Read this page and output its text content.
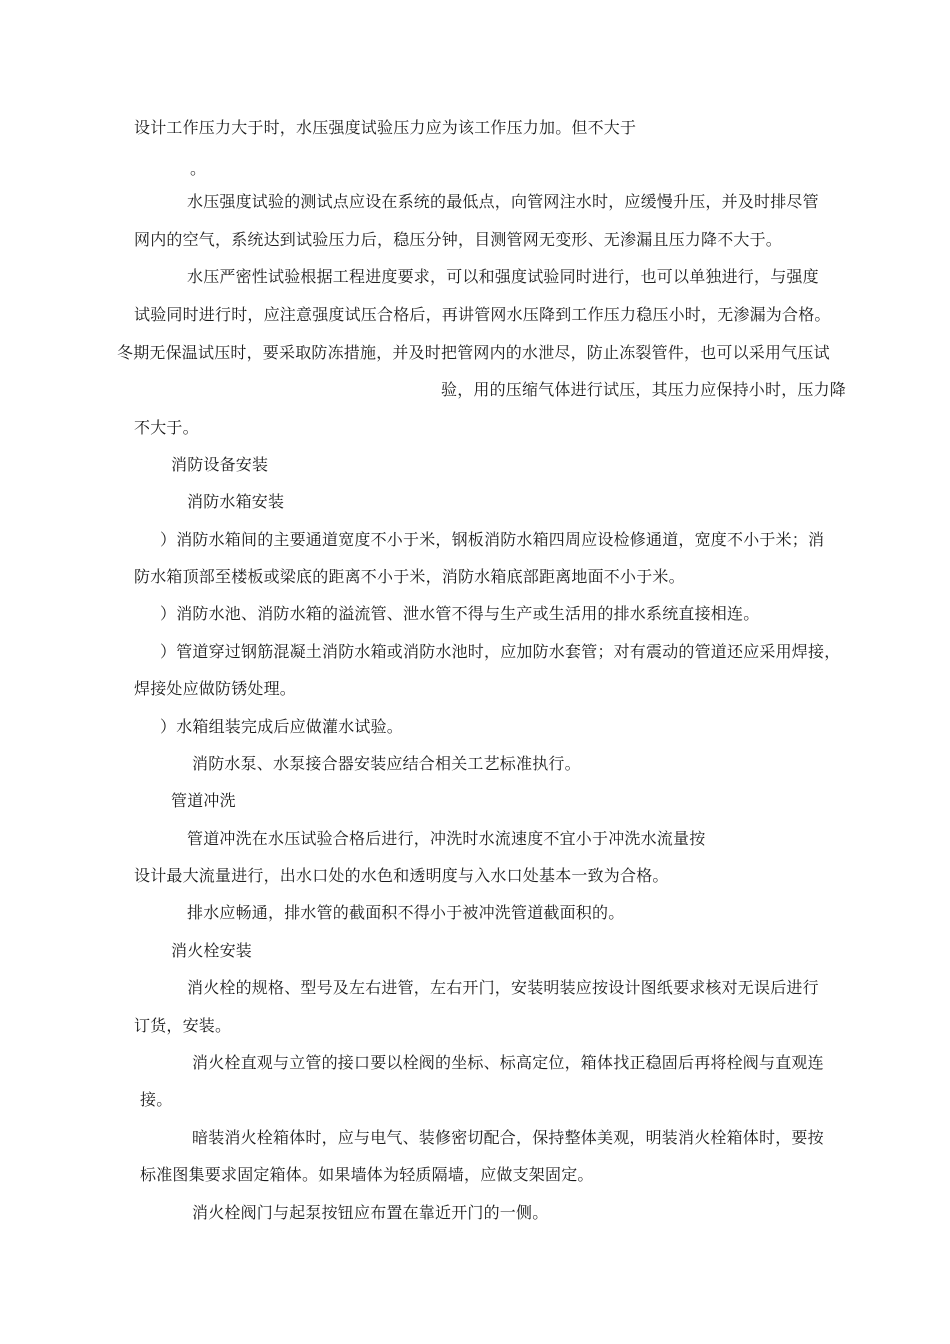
设计工作压力大于时，水压强度试验压力应为该工作压力加。但不大于
。
水压强度试验的测试点应设在系统的最低点，向管网注水时，应缓慢升压，并及时排尽管
网内的空气，系统达到试验压力后，稳压分钟，目测管网无变形、无渗漏且压力降不大于。
水压严密性试验根据工程进度要求，可以和强度试验同时进行，也可以单独进行，与强度
试验同时进行时，应注意强度试压合格后，再讲管网水压降到工作压力稳压小时，无渗漏为合格。
冬期无保温试压时，要采取防冻措施，并及时把管网内的水泄尽，防止冻裂管件，也可以采用气压试
验，用的压缩气体进行试压，其压力应保持小时，压力降
不大于。
消防设备安装
消防水箱安装
）消防水箱间的主要通道宽度不小于米，钢板消防水箱四周应设检修通道，宽度不小于米；消
防水箱顶部至楼板或梁底的距离不小于米，消防水箱底部距离地面不小于米。
）消防水池、消防水箱的溢流管、泄水管不得与生产或生活用的排水系统直接相连。
）管道穿过钢筋混凝土消防水箱或消防水池时，应加防水套管；对有震动的管道还应采用焊接，
焊接处应做防锈处理。
）水箱组装完成后应做灌水试验。
消防水泵、水泵接合器安装应结合相关工艺标准执行。
管道冲洗
管道冲洗在水压试验合格后进行，冲洗时水流速度不宜小于冲洗水流量按
设计最大流量进行，出水口处的水色和透明度与入水口处基本一致为合格。
排水应畅通，排水管的截面积不得小于被冲洗管道截面积的。
消火栓安装
消火栓的规格、型号及左右进管，左右开门，安装明装应按设计图纸要求核对无误后进行
订货，安装。
消火栓直观与立管的接口要以栓阀的坐标、标高定位，箱体找正稳固后再将栓阀与直观连
接。
暗装消火栓箱体时，应与电气、装修密切配合，保持整体美观，明装消火栓箱体时，要按
标准图集要求固定箱体。如果墙体为轻质隔墙，应做支架固定。
消火栓阀门与起泵按钮应布置在靠近开门的一侧。
